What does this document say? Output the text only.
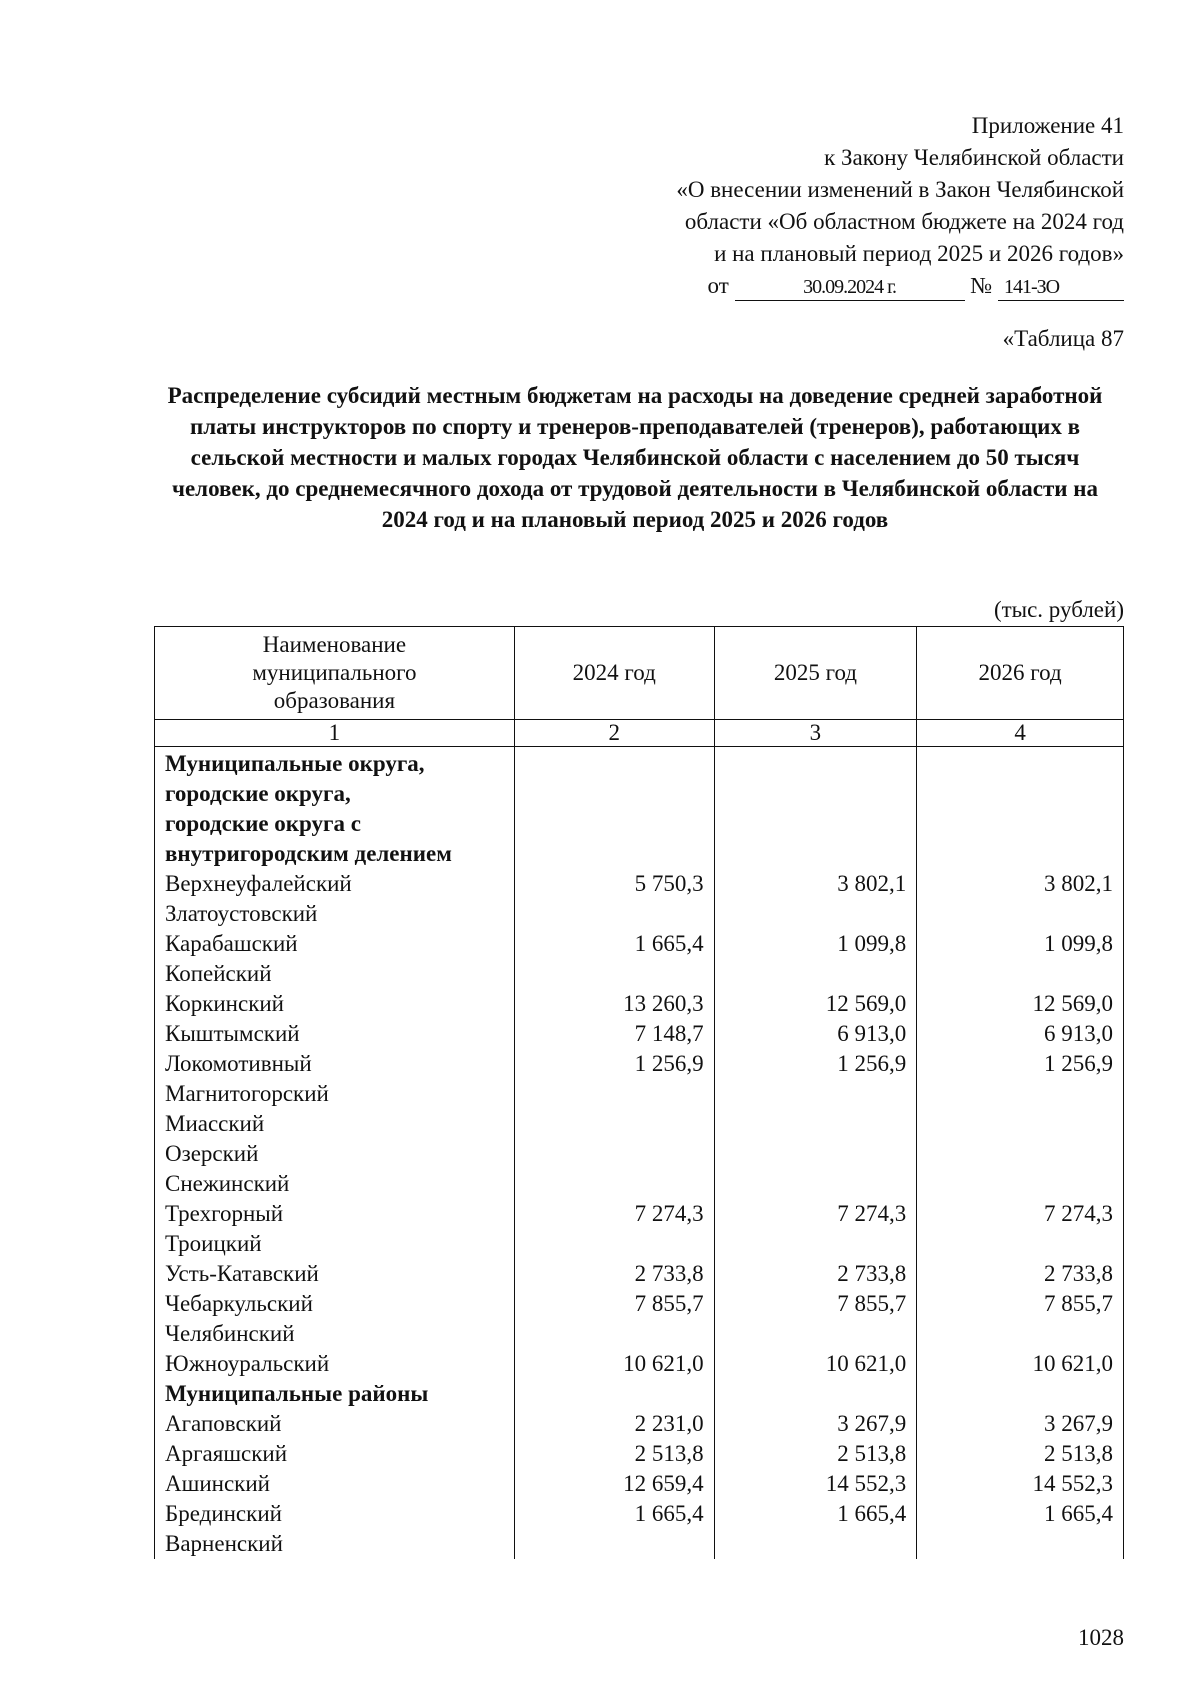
Приложение 41
к Закону Челябинской области
«О внесении изменений в Закон Челябинской
области «Об областном бюджете на 2024 год
и на плановый период 2025 и 2026 годов»
от	30.09.2024 г.	№ 141-ЗО
«Таблица 87
Распределение субсидий местным бюджетам на расходы на доведение средней заработной платы инструкторов по спорту и тренеров-преподавателей (тренеров), работающих в сельской местности и малых городах Челябинской области с населением до 50 тысяч человек, до среднемесячного дохода от трудовой деятельности в Челябинской области на 2024 год и на плановый период 2025 и 2026 годов
(тыс. рублей)
Наименование муниципального образования	2024 год	2025 год	2026 год
1	2	3	4
Муниципальные округа,			
городские округа,			
городские округа с			
внутригородским делением			
Верхнеуфалейский	5 750,3	3 802,1	3 802,1
Златоустовский			
Карабашский	1 665,4	1 099,8	1 099,8
Копейский			
Коркинский	13 260,3	12 569,0	12 569,0
Кыштымский	7 148,7	6 913,0	6 913,0
Локомотивный	1 256,9	1 256,9	1 256,9
Магнитогорский			
Миасский			
Озерский			
Снежинский			
Трехгорный	7 274,3	7 274,3	7 274,3
Троицкий			
Усть-Катавский	2 733,8	2 733,8	2 733,8
Чебаркульский	7 855,7	7 855,7	7 855,7
Челябинский			
Южноуральский	10 621,0	10 621,0	10 621,0
Муниципальные районы			
Агаповский	2 231,0	3 267,9	3 267,9
Аргаяшский	2 513,8	2 513,8	2 513,8
Ашинский	12 659,4	14 552,3	14 552,3
Брединский	1 665,4	1 665,4	1 665,4
Варненский			
1028
